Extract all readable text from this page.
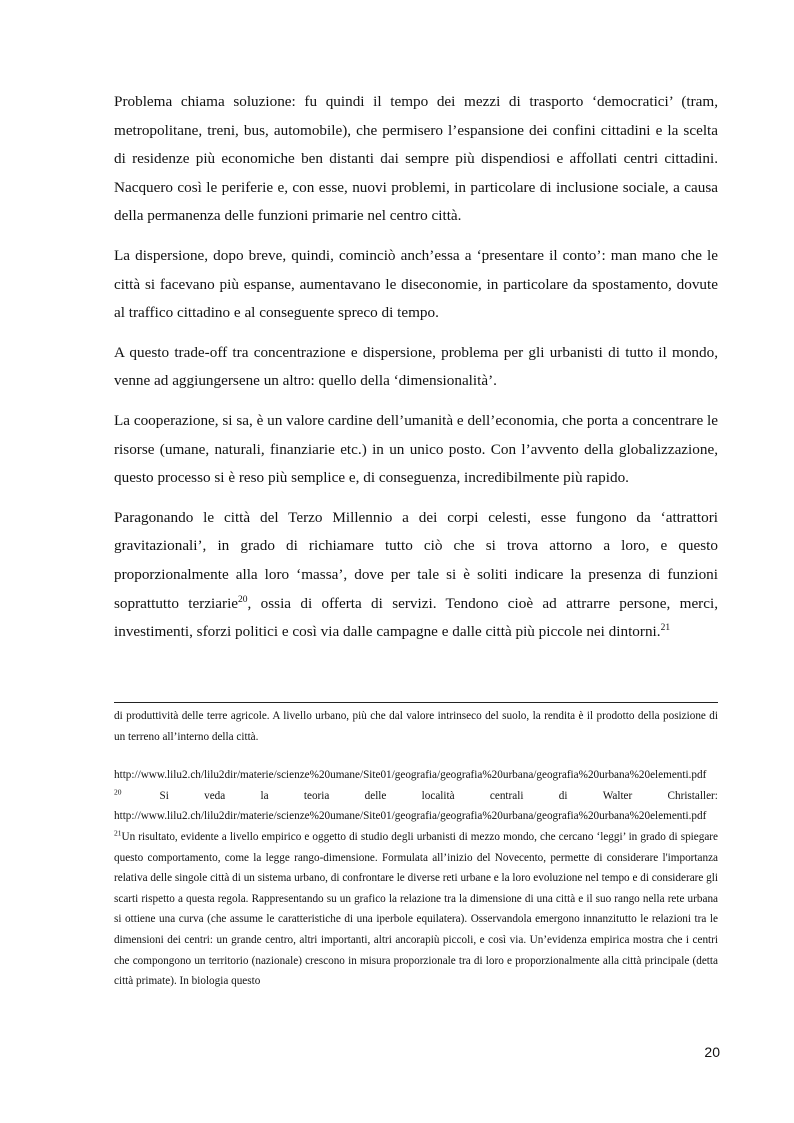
Problema chiama soluzione: fu quindi il tempo dei mezzi di trasporto ‘democratici’ (tram, metropolitane, treni, bus, automobile), che permisero l’espansione dei confini cittadini e la scelta di residenze più economiche ben distanti dai sempre più dispendiosi e affollati centri cittadini. Nacquero così le periferie e, con esse, nuovi problemi, in particolare di inclusione sociale, a causa della permanenza delle funzioni primarie nel centro città.

La dispersione, dopo breve, quindi, cominciò anch’essa a ‘presentare il conto’: man mano che le città si facevano più espanse, aumentavano le diseconomie, in particolare da spostamento, dovute al traffico cittadino e al conseguente spreco di tempo.

A questo trade-off tra concentrazione e dispersione, problema per gli urbanisti di tutto il mondo, venne ad aggiungersene un altro: quello della ‘dimensionalità’.

La cooperazione, si sa, è un valore cardine dell’umanità e dell’economia, che porta a concentrare le risorse (umane, naturali, finanziarie etc.) in un unico posto. Con l’avvento della globalizzazione, questo processo si è reso più semplice e, di conseguenza, incredibilmente più rapido.

Paragonando le città del Terzo Millennio a dei corpi celesti, esse fungono da ‘attrattori gravitazionali’, in grado di richiamare tutto ciò che si trova attorno a loro, e questo proporzionalmente alla loro ‘massa’, dove per tale si è soliti indicare la presenza di funzioni soprattutto terziarie$^{20}$, ossia di offerta di servizi. Tendono cioè ad attrarre persone, merci, investimenti, sforzi politici e così via dalle campagne e dalle città più piccole nei dintorni.$^{21}$

di produttività delle terre agricole. A livello urbano, più che dal valore intrinseco del suolo, la rendita è il prodotto della posizione di un terreno all’interno della città.

http://www.lilu2.ch/lilu2dir/materie/scienze%20umane/Site01/geografia/geografia%20urbana/geografia%20urbana%20elementi.pdf

$^{20}$	Si	veda	la	teoria	delle	località	centrali	di	Walter	Christaller:

http://www.lilu2.ch/lilu2dir/materie/scienze%20umane/Site01/geografia/geografia%20urbana/geografia%20urbana%20elementi.pdf

$^{21}$Un risultato, evidente a livello empirico e oggetto di studio degli urbanisti di mezzo mondo, che cercano ‘leggi’ in grado di spiegare questo comportamento, come la legge rango-dimensione. Formulata all’inizio del Novecento, permette di considerare l'importanza relativa delle singole città di un sistema urbano, di confrontare le diverse reti urbane e la loro evoluzione nel tempo e di considerare gli scarti rispetto a questa regola. Rappresentando su un grafico la relazione tra la dimensione di una città e il suo rango nella rete urbana si ottiene una curva (che assume le caratteristiche di una iperbole equilatera). Osservandola emergono innanzitutto le relazioni tra le dimensioni dei centri: un grande centro, altri importanti, altri ancorapiù piccoli, e così via. Un’evidenza empirica mostra che i centri che compongono un territorio (nazionale) crescono in misura proporzionale tra di loro e proporzionalmente alla città principale (detta città primate). In biologia questo

20
